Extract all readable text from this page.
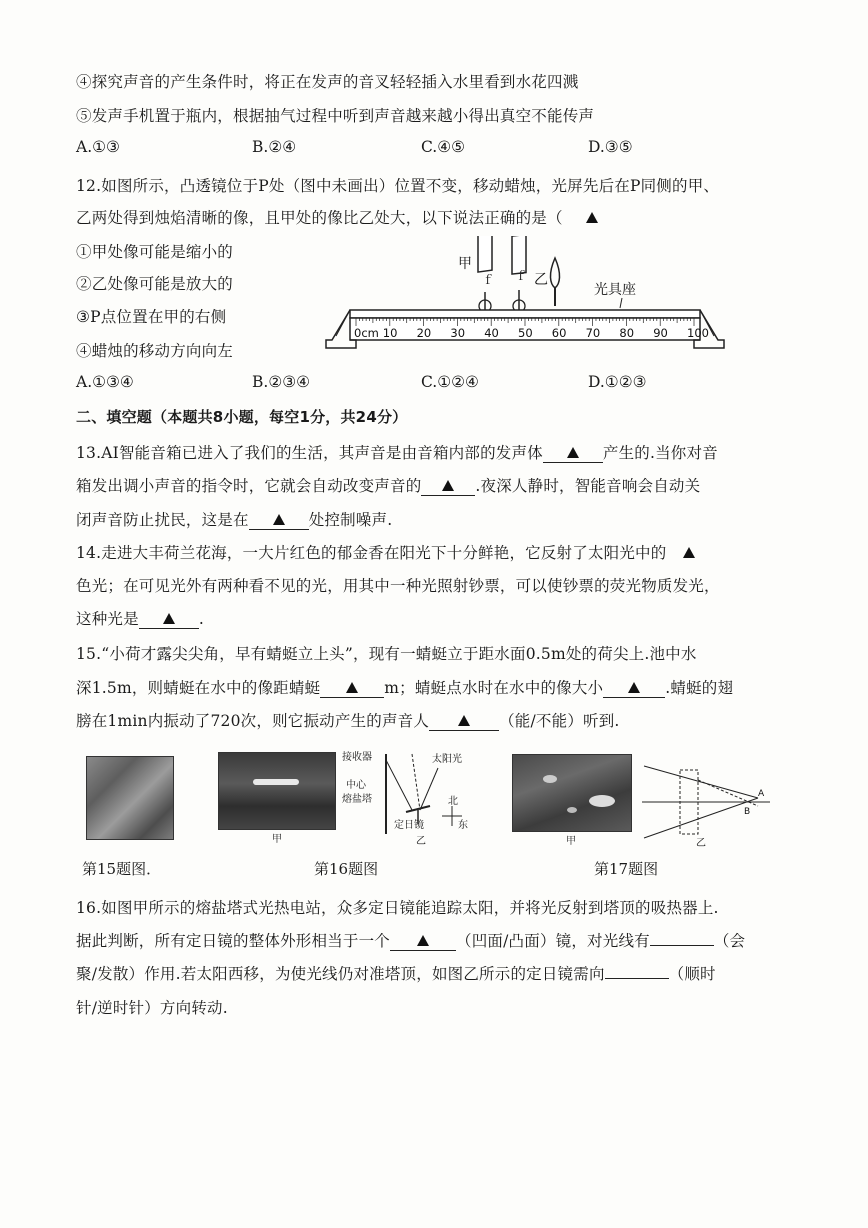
④探究声音的产生条件时，将正在发声的音叉轻轻插入水里看到水花四溅
⑤发声手机置于瓶内，根据抽气过程中听到声音越来越小得出真空不能传声
A.①③	B.②④	C.④⑤	D.③⑤
12.如图所示，凸透镜位于P处（图中未画出）位置不变，移动蜡烛，光屏先后在P同侧的甲、
乙两处得到烛焰清晰的像，且甲处的像比乙处大，以下说法正确的是（
①甲处像可能是缩小的
②乙处像可能是放大的
③P点位置在甲的右侧
④蜡烛的移动方向向左
ｆ ｆ
甲
乙
光具座
0cm 10 20 30 40 50 60 70 80 90 100
A.①③④	B.②③④	C.①②④	D.①②③
二、填空题（本题共8小题，每空1分，共24分）
13.AI智能音箱已进入了我们的生活，其声音是由音箱内部的发声体	产生的.当你对音
箱发出调小声音的指令时，它就会自动改变声音的	.夜深人静时，智能音响会自动关
闭声音防止扰民，这是在	处控制噪声.
14.走进大丰荷兰花海，一大片红色的郁金香在阳光下十分鲜艳，它反射了太阳光中的
色光；在可见光外有两种看不见的光，用其中一种光照射钞票，可以使钞票的荧光物质发光，
这种光是	.
15.“小荷才露尖尖角，早有蜻蜓立上头”，现有一蜻蜓立于距水面0.5m处的荷尖上.池中水
深1.5m，则蜻蜓在水中的像距蜻蜓	m；蜻蜓点水时在水中的像大小	.蜻蜓的翅
膀在1min内振动了720次，则它振动产生的声音人	（能/不能）听到.
甲
接收器
中心
熔盐塔
太阳光
北
东
定日镜
乙	甲
A
B
乙
第15题图．	第16题图	第17题图
16.如图甲所示的熔盐塔式光热电站，众多定日镜能追踪太阳，并将光反射到塔顶的吸热器上.
据此判断，所有定日镜的整体外形相当于一个	（凹面/凸面）镜，对光线有	（会
聚/发散）作用.若太阳西移，为使光线仍对准塔顶，如图乙所示的定日镜需向	（顺时
针/逆时针）方向转动.
